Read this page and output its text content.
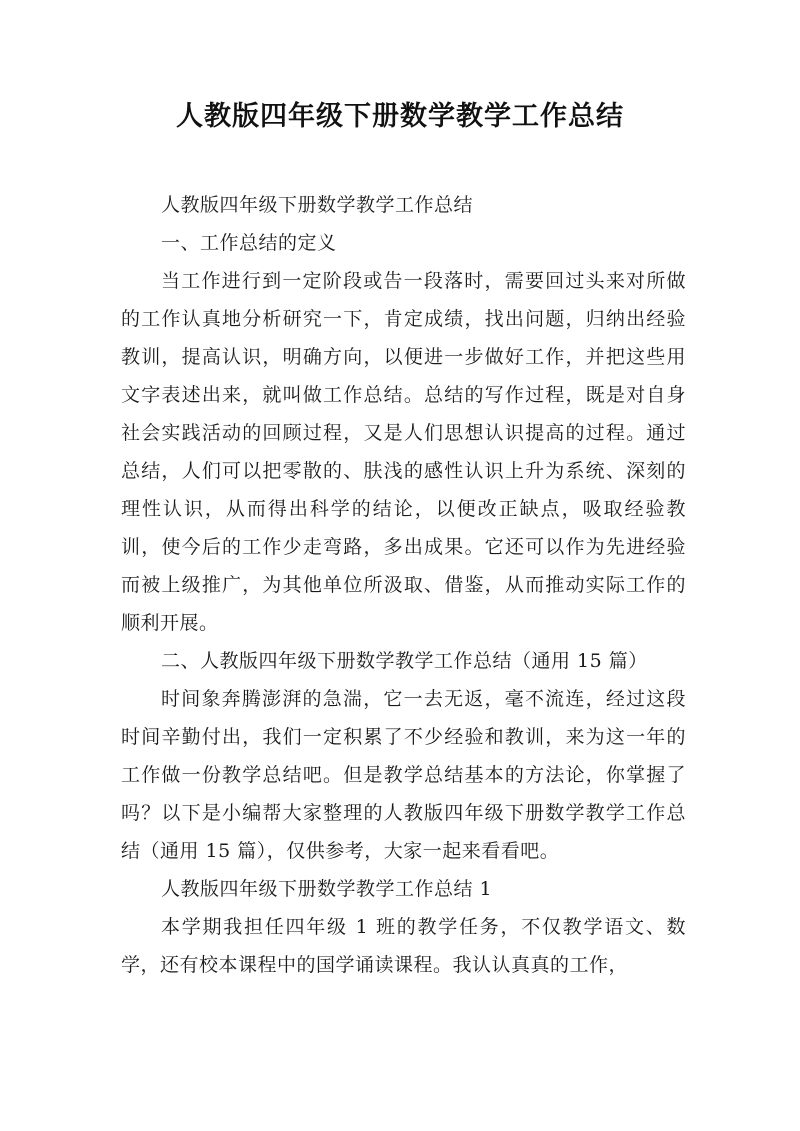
人教版四年级下册数学教学工作总结

人教版四年级下册数学教学工作总结

一、工作总结的定义

当工作进行到一定阶段或告一段落时，需要回过头来对所做的工作认真地分析研究一下，肯定成绩，找出问题，归纳出经验教训，提高认识，明确方向，以便进一步做好工作，并把这些用文字表述出来，就叫做工作总结。总结的写作过程，既是对自身社会实践活动的回顾过程，又是人们思想认识提高的过程。通过总结，人们可以把零散的、肤浅的感性认识上升为系统、深刻的理性认识，从而得出科学的结论，以便改正缺点，吸取经验教训，使今后的工作少走弯路，多出成果。它还可以作为先进经验而被上级推广，为其他单位所汲取、借鉴，从而推动实际工作的顺利开展。

二、人教版四年级下册数学教学工作总结（通用 15 篇）

时间象奔腾澎湃的急湍，它一去无返，毫不流连，经过这段时间辛勤付出，我们一定积累了不少经验和教训，来为这一年的工作做一份教学总结吧。但是教学总结基本的方法论，你掌握了吗？以下是小编帮大家整理的人教版四年级下册数学教学工作总结（通用 15 篇），仅供参考，大家一起来看看吧。

人教版四年级下册数学教学工作总结 1

本学期我担任四年级 1 班的教学任务，不仅教学语文、数学，还有校本课程中的国学诵读课程。我认认真真的工作，
